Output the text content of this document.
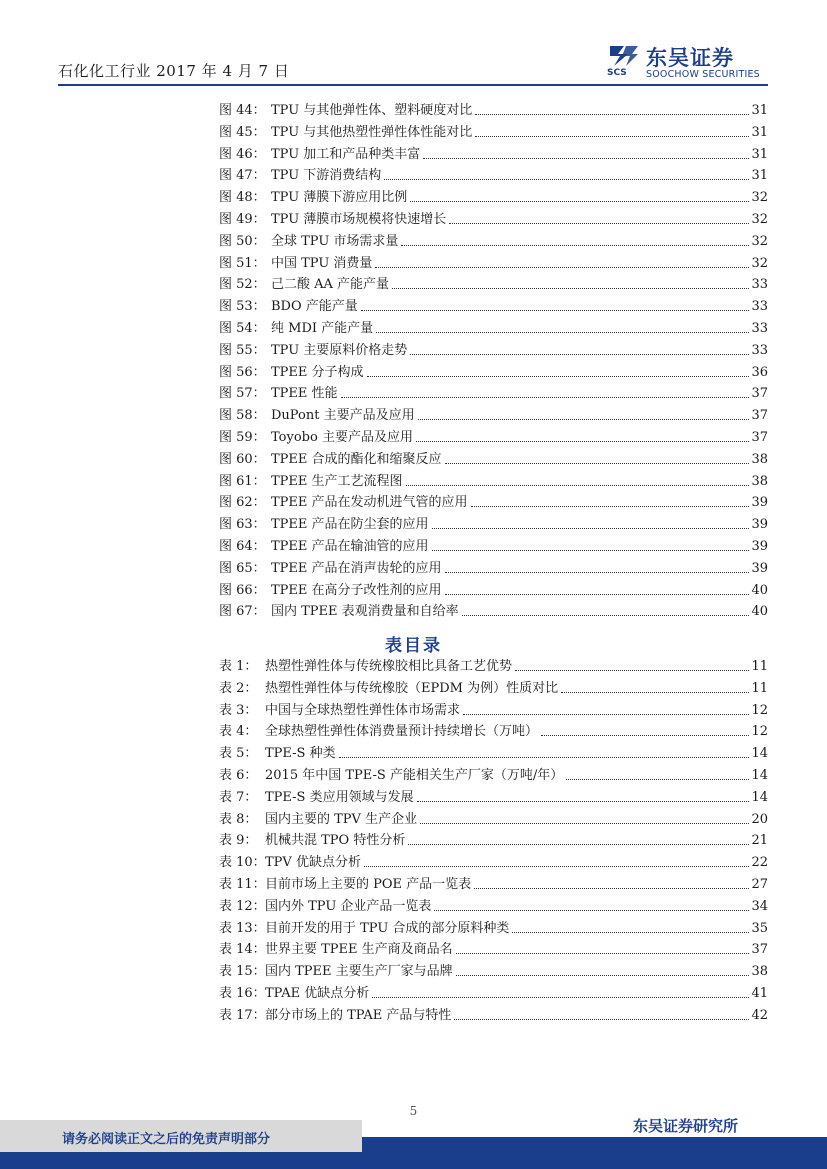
石化化工行业 2017 年 4 月 7 日	SCS
东吴证券
SOOCHOW SECURITIES
图 44： TPU 与其他弹性体、塑料硬度对比	31
图 45： TPU 与其他热塑性弹性体性能对比	31
图 46： TPU 加工和产品种类丰富	31
图 47： TPU 下游消费结构	31
图 48： TPU 薄膜下游应用比例	32
图 49： TPU 薄膜市场规模将快速增长	32
图 50： 全球 TPU 市场需求量	32
图 51： 中国 TPU 消费量	32
图 52： 己二酸 AA 产能产量	33
图 53： BDO 产能产量	33
图 54： 纯 MDI 产能产量	33
图 55： TPU 主要原料价格走势	33
图 56： TPEE 分子构成	36
图 57： TPEE 性能	37
图 58： DuPont 主要产品及应用	37
图 59： Toyobo 主要产品及应用	37
图 60： TPEE 合成的酯化和缩聚反应	38
图 61： TPEE 生产工艺流程图	38
图 62： TPEE 产品在发动机进气管的应用	39
图 63： TPEE 产品在防尘套的应用	39
图 64： TPEE 产品在输油管的应用	39
图 65： TPEE 产品在消声齿轮的应用	39
图 66： TPEE 在高分子改性剂的应用	40
图 67： 国内 TPEE 表观消费量和自给率	40
表目录
表 1： 热塑性弹性体与传统橡胶相比具备工艺优势	11
表 2： 热塑性弹性体与传统橡胶（EPDM 为例）性质对比	11
表 3： 中国与全球热塑性弹性体市场需求	12
表 4： 全球热塑性弹性体消费量预计持续增长（万吨）	12
表 5： TPE-S 种类	14
表 6： 2015 年中国 TPE-S 产能相关生产厂家（万吨/年）	14
表 7： TPE-S 类应用领域与发展	14
表 8： 国内主要的 TPV 生产企业	20
表 9： 机械共混 TPO 特性分析	21
表 10： TPV 优缺点分析	22
表 11： 目前市场上主要的 POE 产品一览表	27
表 12： 国内外 TPU 企业产品一览表	34
表 13： 目前开发的用于 TPU 合成的部分原料种类	35
表 14： 世界主要 TPEE 生产商及商品名	37
表 15： 国内 TPEE 主要生产厂家与品牌	38
表 16： TPAE 优缺点分析	41
表 17： 部分市场上的 TPAE 产品与特性	42
5
请务必阅读正文之后的免责声明部分
东吴证券研究所
